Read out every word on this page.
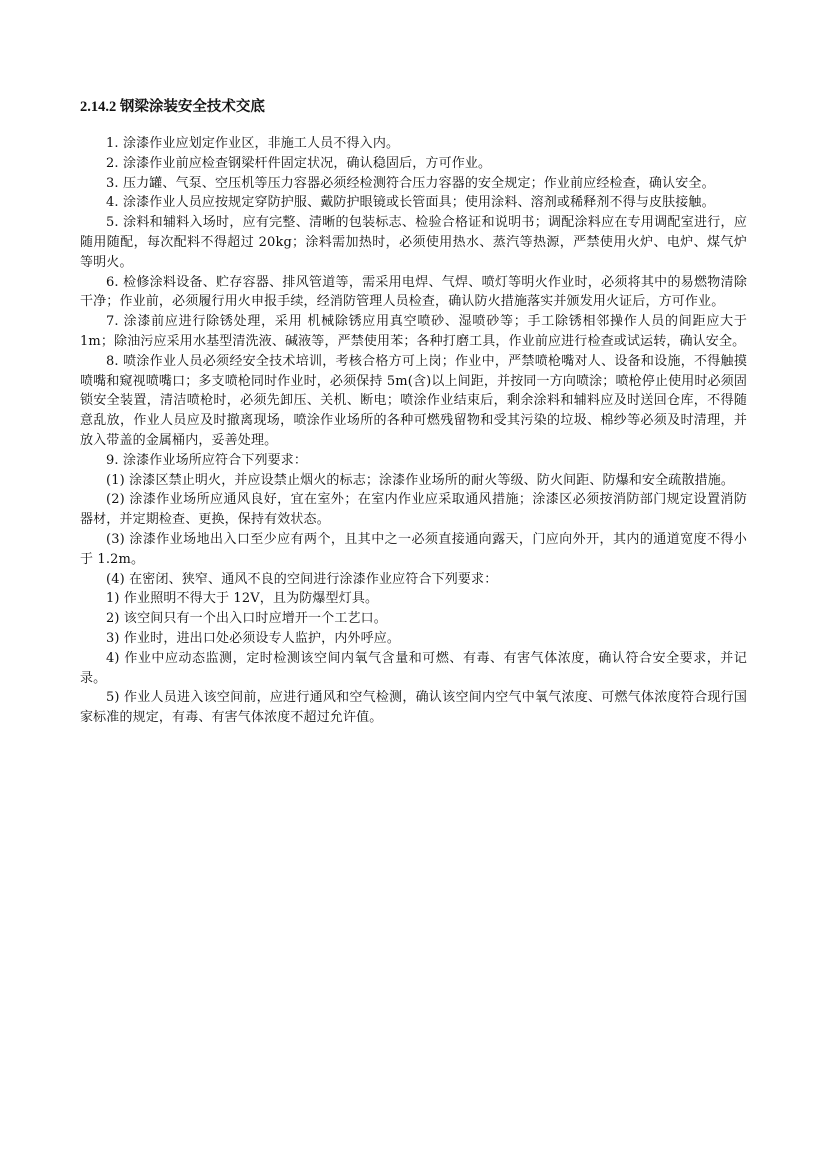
2.14.2 钢梁涂装安全技术交底

1. 涂漆作业应划定作业区，非施工人员不得入内。

2. 涂漆作业前应检查钢梁杆件固定状况，确认稳固后，方可作业。

3. 压力罐、气泵、空压机等压力容器必须经检测符合压力容器的安全规定；作业前应经检查，确认安全。

4. 涂漆作业人员应按规定穿防护服、戴防护眼镜或长管面具；使用涂料、溶剂或稀释剂不得与皮肤接触。

5. 涂料和辅料入场时，应有完整、清晰的包装标志、检验合格证和说明书；调配涂料应在专用调配室进行，应随用随配，每次配料不得超过 20kg；涂料需加热时，必须使用热水、蒸汽等热源，严禁使用火炉、电炉、煤气炉等明火。

6. 检修涂料设备、贮存容器、排风管道等，需采用电焊、气焊、喷灯等明火作业时，必须将其中的易燃物清除干净；作业前，必须履行用火申报手续，经消防管理人员检查，确认防火措施落实并颁发用火证后，方可作业。

7. 涂漆前应进行除锈处理，采用 机械除锈应用真空喷砂、湿喷砂等；手工除锈相邻操作人员的间距应大于 1m；除油污应采用水基型清洗液、碱液等，严禁使用苯；各种打磨工具，作业前应进行检查或试运转，确认安全。

8. 喷涂作业人员必须经安全技术培训，考核合格方可上岗；作业中，严禁喷枪嘴对人、设备和设施，不得触摸喷嘴和窥视喷嘴口；多支喷枪同时作业时，必须保持 5m(含)以上间距，并按同一方向喷涂；喷枪停止使用时必须固锁安全装置，清洁喷枪时，必须先卸压、关机、断电；喷涂作业结束后，剩余涂料和辅料应及时送回仓库，不得随意乱放，作业人员应及时撤离现场，喷涂作业场所的各种可燃残留物和受其污染的垃圾、棉纱等必须及时清理，并放入带盖的金属桶内，妥善处理。

9. 涂漆作业场所应符合下列要求：

(1) 涂漆区禁止明火，并应设禁止烟火的标志；涂漆作业场所的耐火等级、防火间距、防爆和安全疏散措施。

(2) 涂漆作业场所应通风良好，宜在室外；在室内作业应采取通风措施；涂漆区必须按消防部门规定设置消防器材，并定期检查、更换，保持有效状态。

(3) 涂漆作业场地出入口至少应有两个，且其中之一必须直接通向露天，门应向外开，其内的通道宽度不得小于 1.2m。

(4) 在密闭、狭窄、通风不良的空间进行涂漆作业应符合下列要求：

1) 作业照明不得大于 12V，且为防爆型灯具。

2) 该空间只有一个出入口时应增开一个工艺口。

3) 作业时，进出口处必须设专人监护，内外呼应。

4) 作业中应动态监测，定时检测该空间内氧气含量和可燃、有毒、有害气体浓度，确认符合安全要求，并记录。

5) 作业人员进入该空间前，应进行通风和空气检测，确认该空间内空气中氧气浓度、可燃气体浓度符合现行国家标准的规定，有毒、有害气体浓度不超过允许值。
